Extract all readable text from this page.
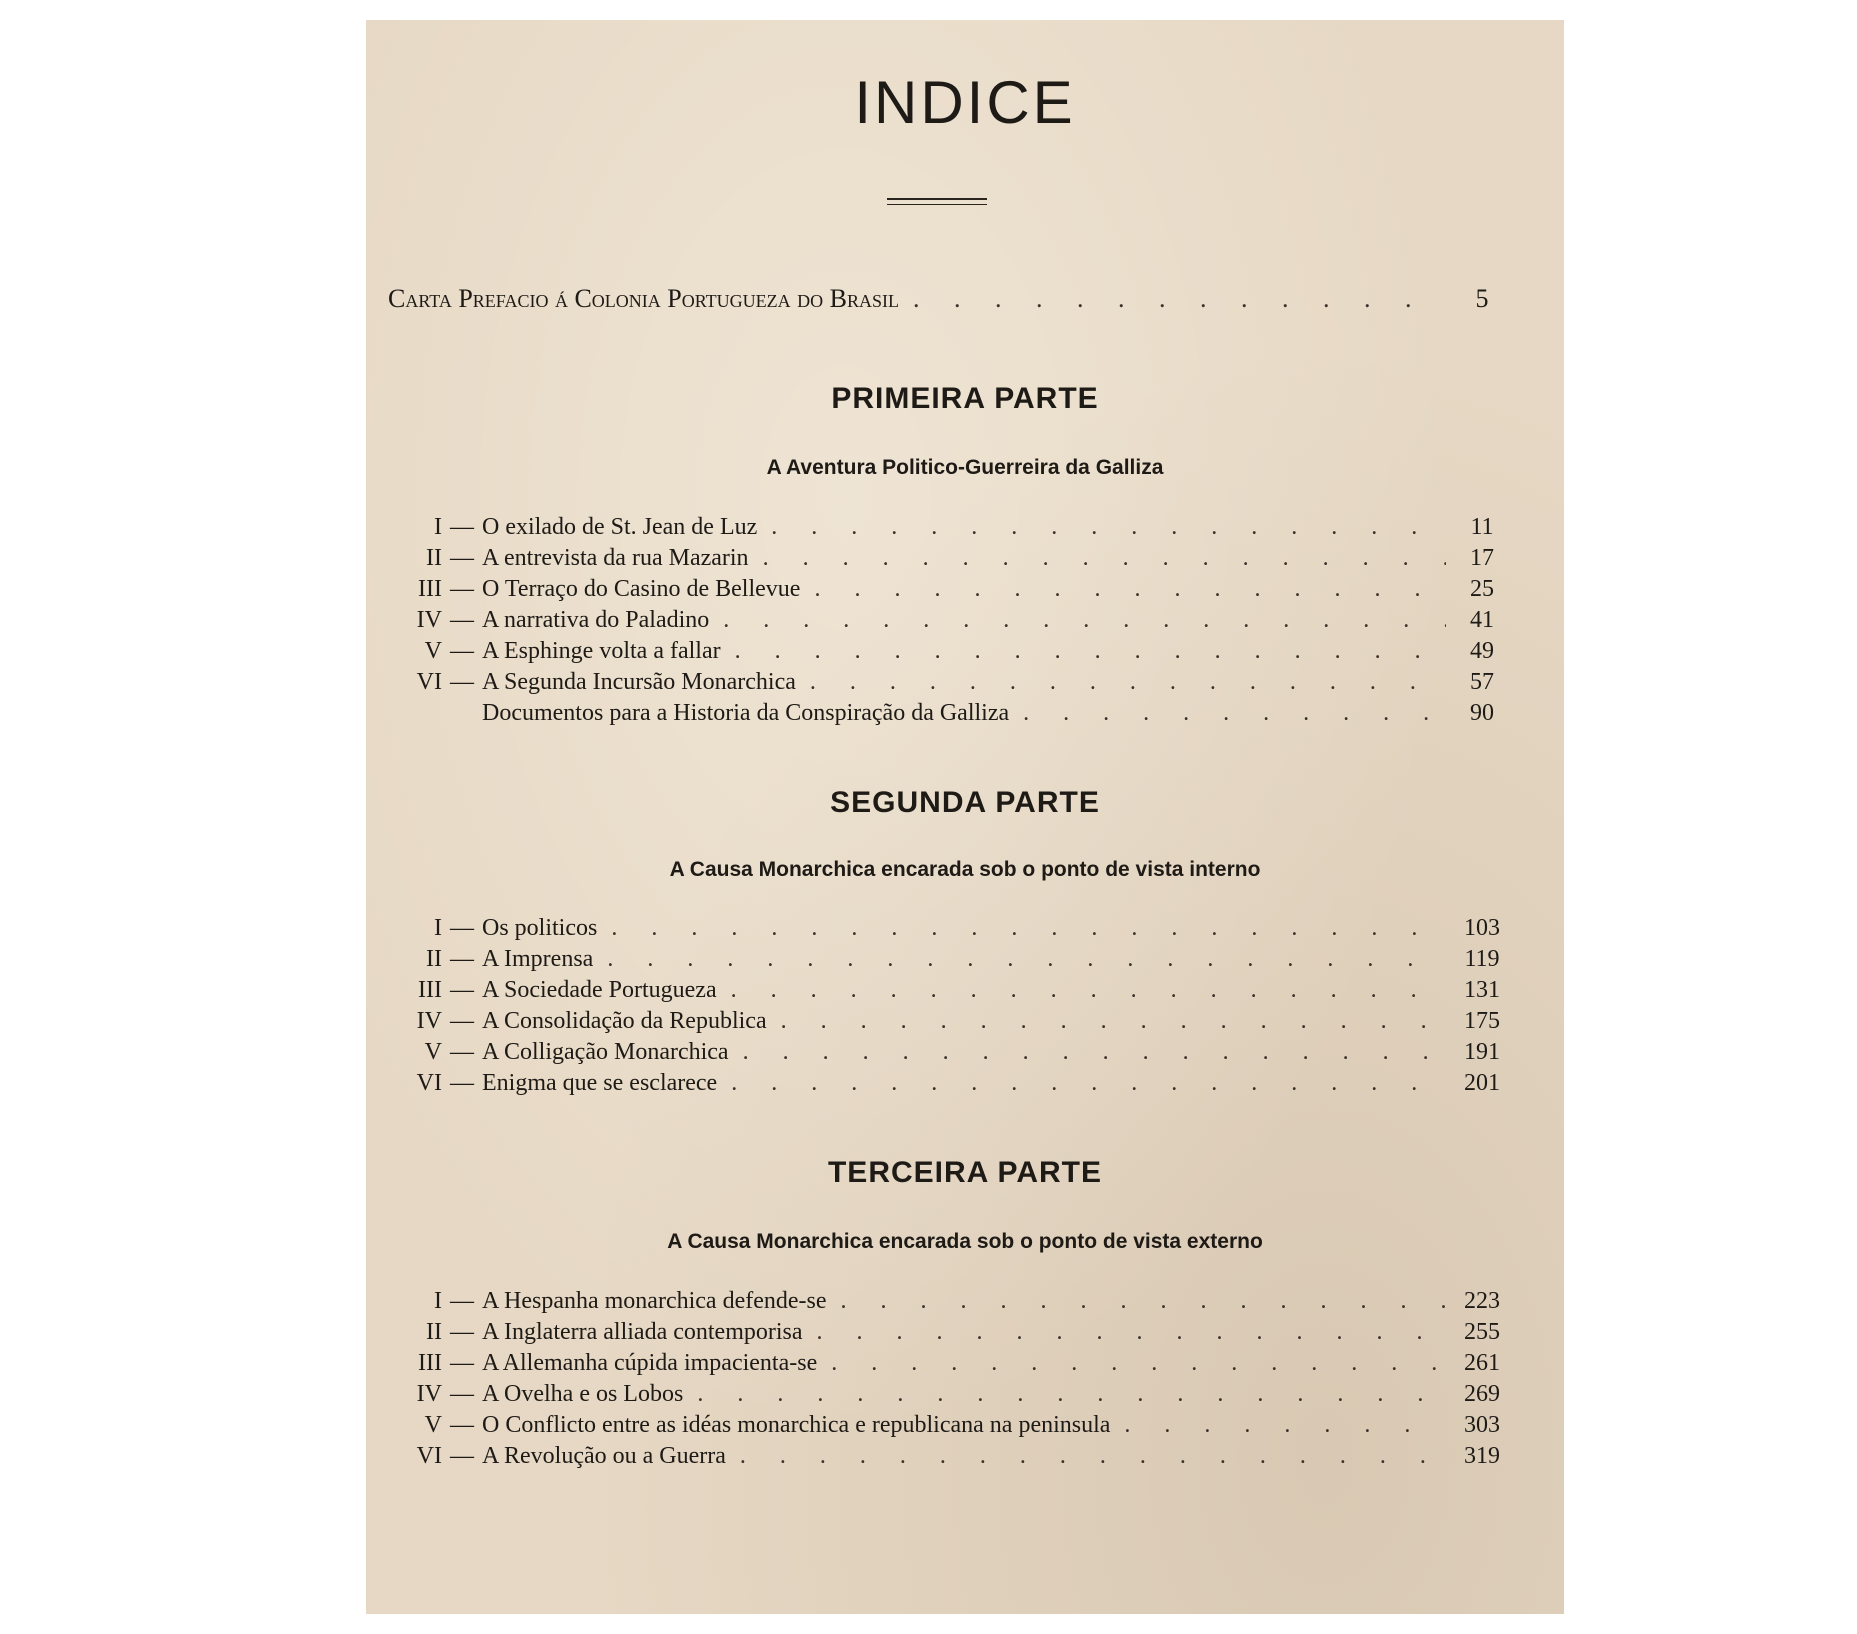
INDICE
Carta Prefacio á Colonia Portugueza do Brasil . . .	5
PRIMEIRA PARTE
A Aventura Politico-Guerreira da Galliza
I — O exilado de St. Jean de Luz . . .	11
II — A entrevista da rua Mazarin . . .	17
III — O Terraço do Casino de Bellevue . . .	25
IV — A narrativa do Paladino . . .	41
V — A Esphinge volta a fallar . . .	49
VI — A Segunda Incursão Monarchica . . .	57
Documentos para a Historia da Conspiração da Galliza . . .	90
SEGUNDA PARTE
A Causa Monarchica encarada sob o ponto de vista interno
I — Os politicos . . .	103
II — A Imprensa . . .	119
III — A Sociedade Portugueza . . .	131
IV — A Consolidação da Republica . . .	175
V — A Colligação Monarchica . . .	191
VI — Enigma que se esclarece . . .	201
TERCEIRA PARTE
A Causa Monarchica encarada sob o ponto de vista externo
I — A Hespanha monarchica defende-se . . .	223
II — A Inglaterra alliada contemporisa . . .	255
III — A Allemanha cúpida impacienta-se . . .	261
IV — A Ovelha e os Lobos . . .	269
V — O Conflicto entre as idéas monarchica e republicana na peninsula . . .	303
VI — A Revolução ou a Guerra . . .	319
